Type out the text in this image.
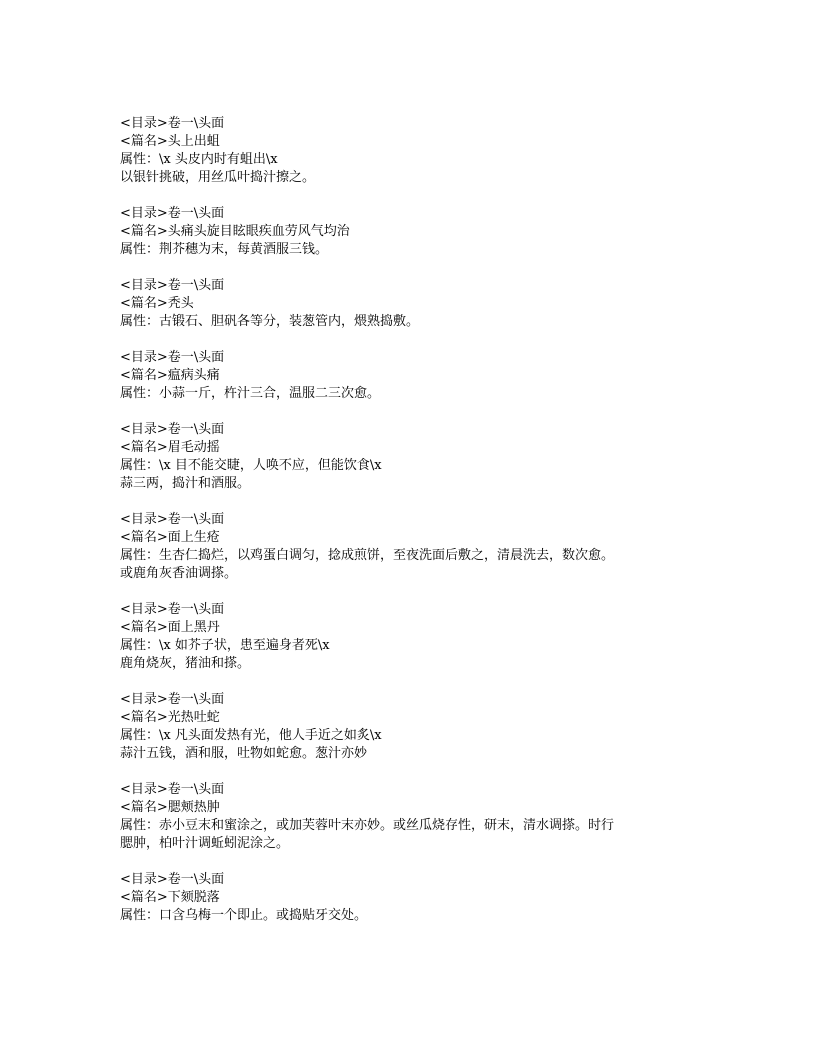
<目录>卷一\头面
<篇名>头上出蛆
属性：\x 头皮内时有蛆出\x
以银针挑破，用丝瓜叶捣汁擦之。
<目录>卷一\头面
<篇名>头痛头旋目眩眼疾血劳风气均治
属性：荆芥穗为末，每黄酒服三钱。
<目录>卷一\头面
<篇名>秃头
属性：古锻石、胆矾各等分，装葱管内，煨熟捣敷。
<目录>卷一\头面
<篇名>瘟病头痛
属性：小蒜一斤，杵汁三合，温服二三次愈。
<目录>卷一\头面
<篇名>眉毛动摇
属性：\x 目不能交睫，人唤不应，但能饮食\x
蒜三两，捣汁和酒服。
<目录>卷一\头面
<篇名>面上生疮
属性：生杏仁捣烂，以鸡蛋白调匀，捻成煎饼，至夜洗面后敷之，清晨洗去，数次愈。
或鹿角灰香油调搽。
<目录>卷一\头面
<篇名>面上黑丹
属性：\x 如芥子状，患至遍身者死\x
鹿角烧灰，猪油和搽。
<目录>卷一\头面
<篇名>光热吐蛇
属性：\x 凡头面发热有光，他人手近之如炙\x
蒜汁五钱，酒和服，吐物如蛇愈。葱汁亦妙
<目录>卷一\头面
<篇名>腮颊热肿
属性：赤小豆末和蜜涂之，或加芙蓉叶末亦妙。或丝瓜烧存性，研末，清水调搽。时行
腮肿，柏叶汁调蚯蚓泥涂之。
<目录>卷一\头面
<篇名>下颏脱落
属性：口含乌梅一个即止。或捣贴牙交处。
